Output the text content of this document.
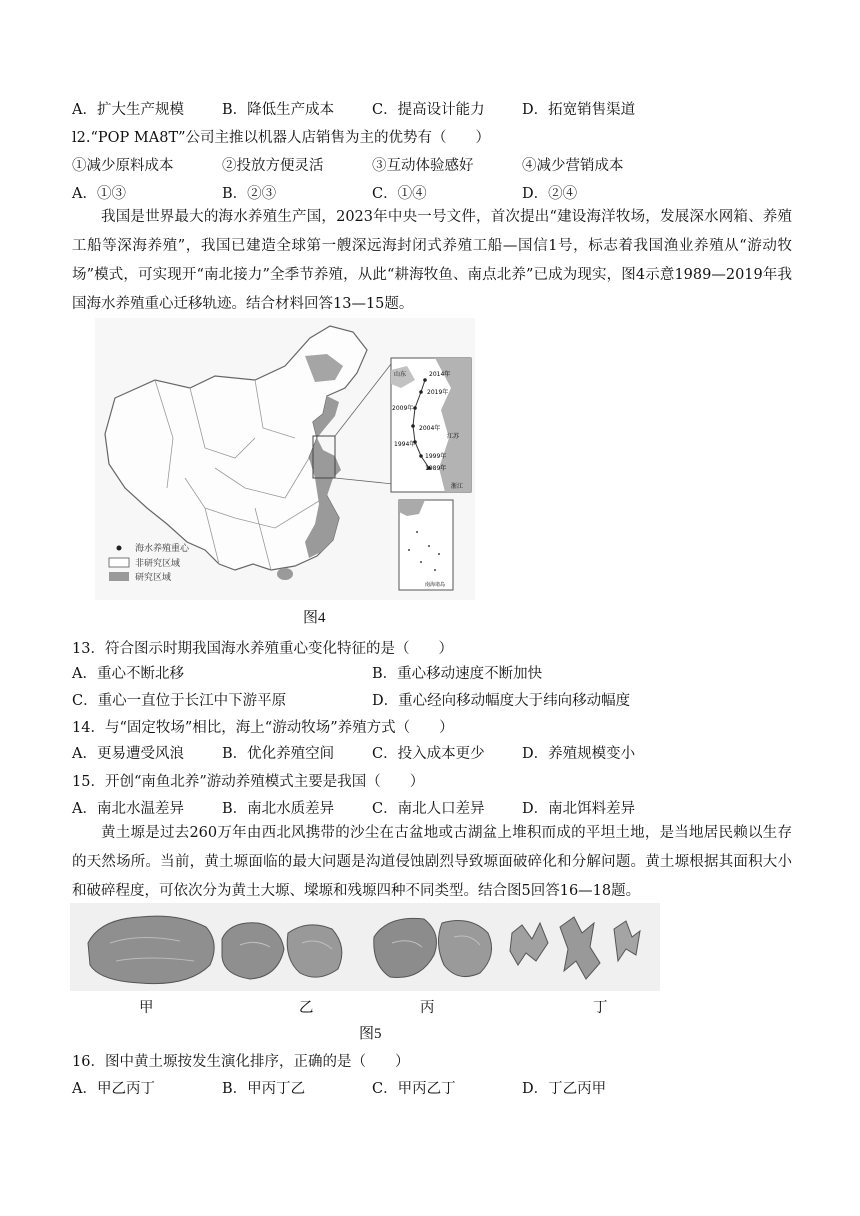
A．扩大生产规模	B．降低生产成本	C．提高设计能力	D．拓宽销售渠道
l2.“POP MA8T”公司主推以机器人店销售为主的优势有（　　）
①减少原料成本	②投放方便灵活	③互动体验感好	④减少营销成本
A．①③	B．②③	C．①④	D．②④
我国是世界最大的海水养殖生产国，2023年中央一号文件，首次提出“建设海洋牧场，发展深水网箱、养殖工船等深海养殖”，我国已建造全球第一艘深远海封闭式养殖工船—国信1号，标志着我国渔业养殖从“游动牧场”模式，可实现开“南北接力”全季节养殖，从此“耕海牧鱼、南点北养”已成为现实，图4示意1989—2019年我国海水养殖重心迁移轨迹。结合材料回答13—15题。
海水养殖重心
非研究区域
研究区域
山东	2014年
2019年
2009年
2004年
江苏
1994年
1999年
1989年
浙江
南海诸岛
图4
13．符合图示时期我国海水养殖重心变化特征的是（　　）
A．重心不断北移	B．重心移动速度不断加快
C．重心一直位于长江中下游平原	D．重心经向移动幅度大于纬向移动幅度
14．与“固定牧场”相比，海上“游动牧场”养殖方式（　　）
A．更易遭受风浪	B．优化养殖空间	C．投入成本更少	D．养殖规模变小
15．开创“南鱼北养”游动养殖模式主要是我国（　　）
A．南北水温差异	B．南北水质差异	C．南北人口差异	D．南北饵料差异
黄土塬是过去260万年由西北风携带的沙尘在古盆地或古湖盆上堆积而成的平坦土地，是当地居民赖以生存的天然场所。当前，黄土塬面临的最大问题是沟道侵蚀剧烈导致塬面破碎化和分解问题。黄土塬根据其面积大小和破碎程度，可依次分为黄土大塬、墚塬和残塬四种不同类型。结合图5回答16—18题。
甲	乙	丙	丁
图5
16．图中黄土塬按发生演化排序，正确的是（　　）
A．甲乙丙丁	B．甲丙丁乙	C．甲丙乙丁	D．丁乙丙甲
